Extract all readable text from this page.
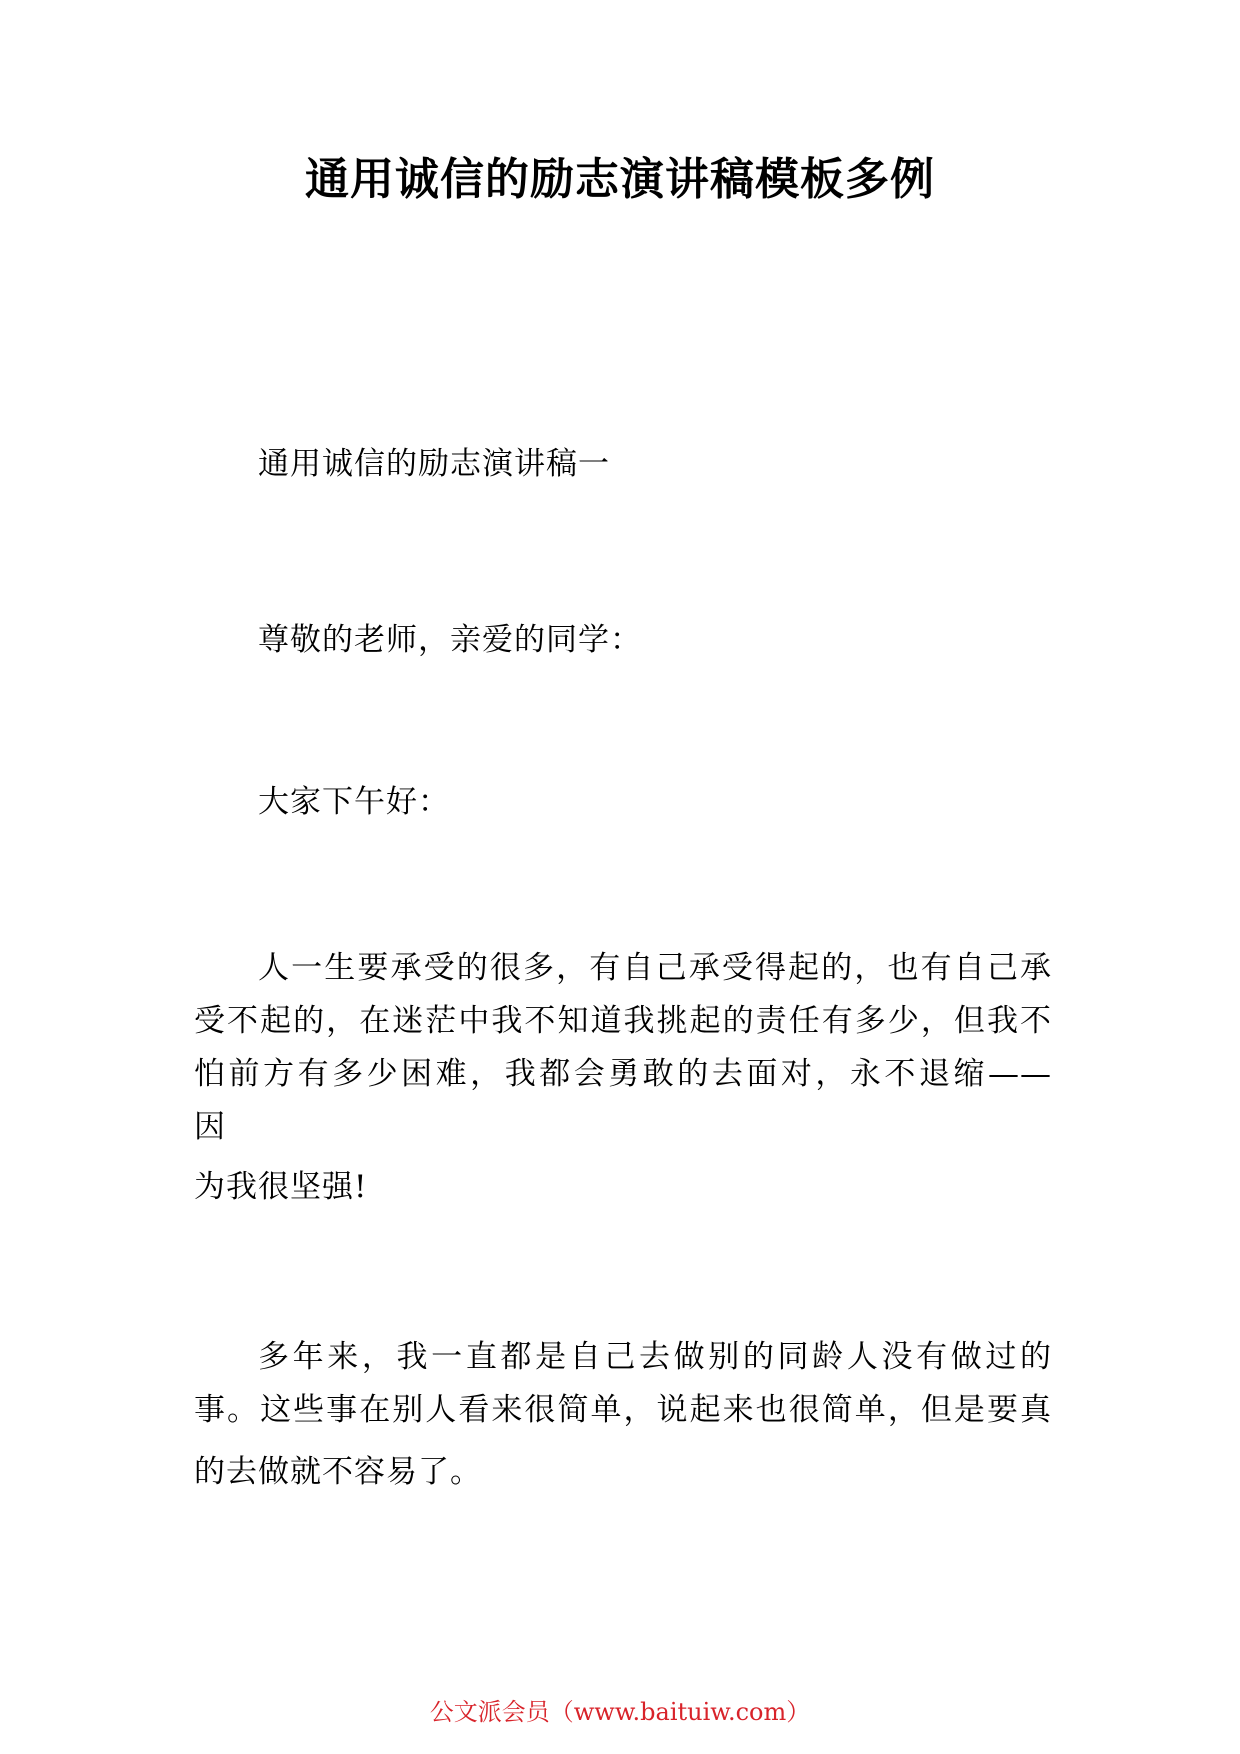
通用诚信的励志演讲稿模板多例
通用诚信的励志演讲稿一
尊敬的老师，亲爱的同学：
大家下午好：
人一生要承受的很多，有自己承受得起的，也有自己承
受不起的，在迷茫中我不知道我挑起的责任有多少，但我不
怕前方有多少困难，我都会勇敢的去面对，永不退缩——
因
为我很坚强!
多年来，我一直都是自己去做别的同龄人没有做过的
事。这些事在别人看来很简单，说起来也很简单，但是要真
的去做就不容易了。
公文派会员（www.baituiw.com）
